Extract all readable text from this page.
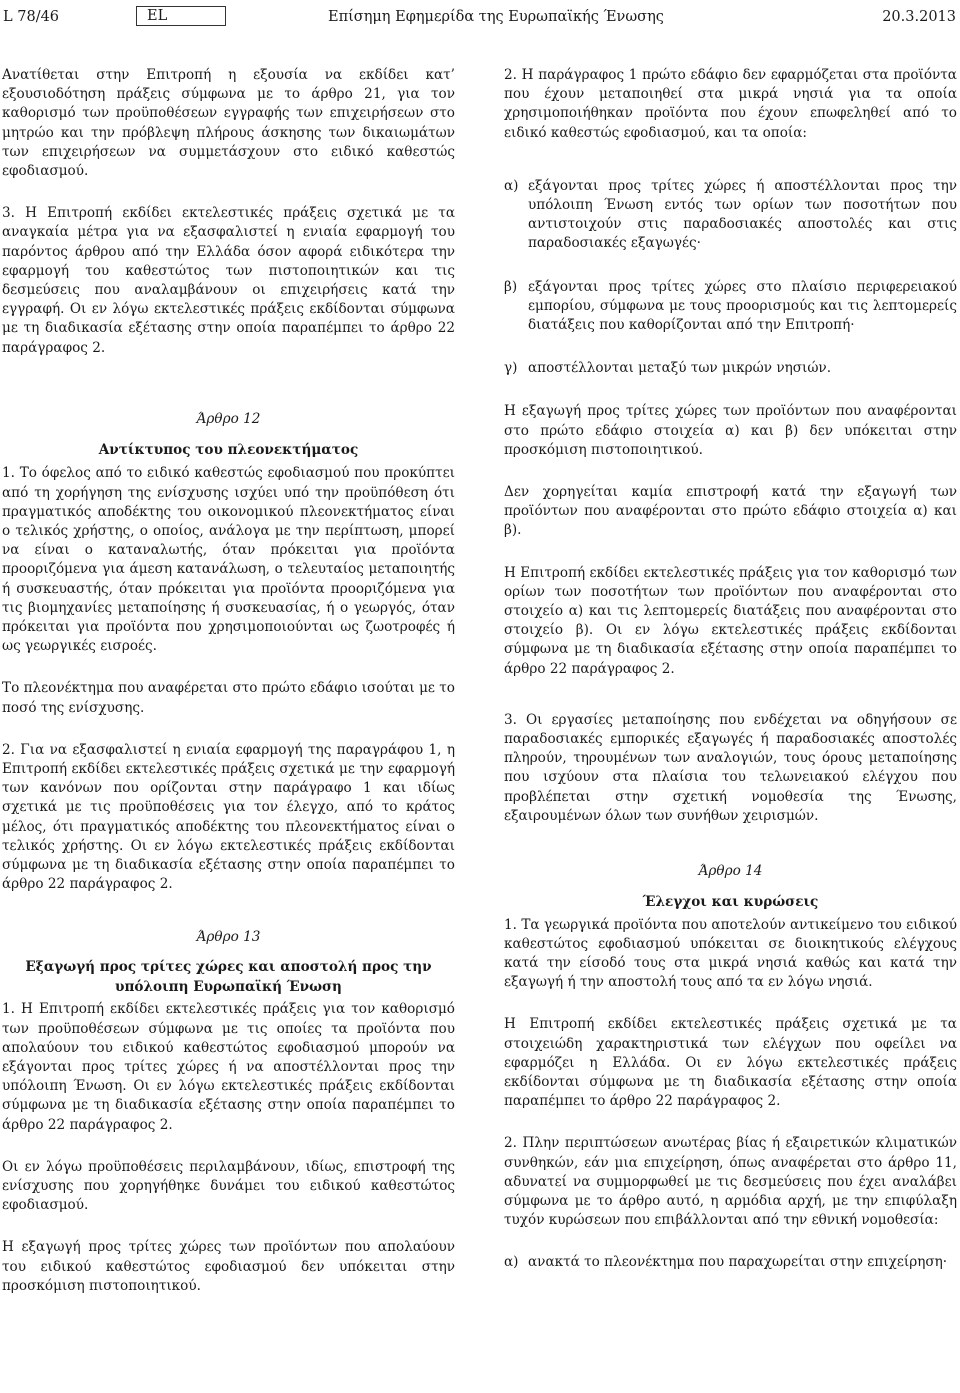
L 78/46	EL	Επίσημη Εφημερίδα της Ευρωπαϊκής Ένωσης	20.3.2013

Ανατίθεται στην Επιτροπή η εξουσία να εκδίδει κατ’ εξουσιοδότηση πράξεις σύμφωνα με το άρθρο 21, για τον καθορισμό των προϋποθέσεων εγγραφής των επιχειρήσεων στο μητρώο και την πρόβλεψη πλήρους άσκησης των δικαιωμάτων των επιχειρήσεων να συμμετάσχουν στο ειδικό καθεστώς εφοδιασμού.

3. Η Επιτροπή εκδίδει εκτελεστικές πράξεις σχετικά με τα αναγκαία μέτρα για να εξασφαλιστεί η ενιαία εφαρμογή του παρόντος άρθρου από την Ελλάδα όσον αφορά ειδικότερα την εφαρμογή του καθεστώτος των πιστοποιητικών και τις δεσμεύσεις που αναλαμβάνουν οι επιχειρήσεις κατά την εγγραφή. Οι εν λόγω εκτελεστικές πράξεις εκδίδονται σύμφωνα με τη διαδικασία εξέτασης στην οποία παραπέμπει το άρθρο 22 παράγραφος 2.

Άρθρο 12

Αντίκτυπος του πλεονεκτήματος

1. Το όφελος από το ειδικό καθεστώς εφοδιασμού που προκύπτει από τη χορήγηση της ενίσχυσης ισχύει υπό την προϋπόθεση ότι πραγματικός αποδέκτης του οικονομικού πλεονεκτήματος είναι ο τελικός χρήστης, ο οποίος, ανάλογα με την περίπτωση, μπορεί να είναι ο καταναλωτής, όταν πρόκειται για προϊόντα προοριζόμενα για άμεση κατανάλωση, ο τελευταίος μεταποιητής ή συσκευαστής, όταν πρόκειται για προϊόντα προοριζόμενα για τις βιομηχανίες μεταποίησης ή συσκευασίας, ή ο γεωργός, όταν πρόκειται για προϊόντα που χρησιμοποιούνται ως ζωοτροφές ή ως γεωργικές εισροές.

Το πλεονέκτημα που αναφέρεται στο πρώτο εδάφιο ισούται με το ποσό της ενίσχυσης.

2. Για να εξασφαλιστεί η ενιαία εφαρμογή της παραγράφου 1, η Επιτροπή εκδίδει εκτελεστικές πράξεις σχετικά με την εφαρμογή των κανόνων που ορίζονται στην παράγραφο 1 και ιδίως σχετικά με τις προϋποθέσεις για τον έλεγχο, από το κράτος μέλος, ότι πραγματικός αποδέκτης του πλεονεκτήματος είναι ο τελικός χρήστης. Οι εν λόγω εκτελεστικές πράξεις εκδίδονται σύμφωνα με τη διαδικασία εξέτασης στην οποία παραπέμπει το άρθρο 22 παράγραφος 2.

Άρθρο 13

Εξαγωγή προς τρίτες χώρες και αποστολή προς την υπόλοιπη Ευρωπαϊκή Ένωση

1. Η Επιτροπή εκδίδει εκτελεστικές πράξεις για τον καθορισμό των προϋποθέσεων σύμφωνα με τις οποίες τα προϊόντα που απολαύουν του ειδικού καθεστώτος εφοδιασμού μπορούν να εξάγονται προς τρίτες χώρες ή να αποστέλλονται προς την υπόλοιπη Ένωση. Οι εν λόγω εκτελεστικές πράξεις εκδίδονται σύμφωνα με τη διαδικασία εξέτασης στην οποία παραπέμπει το άρθρο 22 παράγραφος 2.

Οι εν λόγω προϋποθέσεις περιλαμβάνουν, ιδίως, επιστροφή της ενίσχυσης που χορηγήθηκε δυνάμει του ειδικού καθεστώτος εφοδιασμού.

Η εξαγωγή προς τρίτες χώρες των προϊόντων που απολαύουν του ειδικού καθεστώτος εφοδιασμού δεν υπόκειται στην προσκόμιση πιστοποιητικού.

2. Η παράγραφος 1 πρώτο εδάφιο δεν εφαρμόζεται στα προϊόντα που έχουν μεταποιηθεί στα μικρά νησιά για τα οποία χρησιμοποιήθηκαν προϊόντα που έχουν επωφεληθεί από το ειδικό καθεστώς εφοδιασμού, και τα οποία:

α) εξάγονται προς τρίτες χώρες ή αποστέλλονται προς την υπόλοιπη Ένωση εντός των ορίων των ποσοτήτων που αντιστοιχούν στις παραδοσιακές αποστολές και στις παραδοσιακές εξαγωγές·
β) εξάγονται προς τρίτες χώρες στο πλαίσιο περιφερειακού εμπορίου, σύμφωνα με τους προορισμούς και τις λεπτομερείς διατάξεις που καθορίζονται από την Επιτροπή·
γ) αποστέλλονται μεταξύ των μικρών νησιών.

Η εξαγωγή προς τρίτες χώρες των προϊόντων που αναφέρονται στο πρώτο εδάφιο στοιχεία α) και β) δεν υπόκειται στην προσκόμιση πιστοποιητικού.

Δεν χορηγείται καμία επιστροφή κατά την εξαγωγή των προϊόντων που αναφέρονται στο πρώτο εδάφιο στοιχεία α) και β).

Η Επιτροπή εκδίδει εκτελεστικές πράξεις για τον καθορισμό των ορίων των ποσοτήτων των προϊόντων που αναφέρονται στο στοιχείο α) και τις λεπτομερείς διατάξεις που αναφέρονται στο στοιχείο β). Οι εν λόγω εκτελεστικές πράξεις εκδίδονται σύμφωνα με τη διαδικασία εξέτασης στην οποία παραπέμπει το άρθρο 22 παράγραφος 2.

3. Οι εργασίες μεταποίησης που ενδέχεται να οδηγήσουν σε παραδοσιακές εμπορικές εξαγωγές ή παραδοσιακές αποστολές πληρούν, τηρουμένων των αναλογιών, τους όρους μεταποίησης που ισχύουν στα πλαίσια του τελωνειακού ελέγχου που προβλέπεται στην σχετική νομοθεσία της Ένωσης, εξαιρουμένων όλων των συνήθων χειρισμών.

Άρθρο 14

Έλεγχοι και κυρώσεις

1. Τα γεωργικά προϊόντα που αποτελούν αντικείμενο του ειδικού καθεστώτος εφοδιασμού υπόκειται σε διοικητικούς ελέγχους κατά την είσοδό τους στα μικρά νησιά καθώς και κατά την εξαγωγή ή την αποστολή τους από τα εν λόγω νησιά.

Η Επιτροπή εκδίδει εκτελεστικές πράξεις σχετικά με τα στοιχειώδη χαρακτηριστικά των ελέγχων που οφείλει να εφαρμόζει η Ελλάδα. Οι εν λόγω εκτελεστικές πράξεις εκδίδονται σύμφωνα με τη διαδικασία εξέτασης στην οποία παραπέμπει το άρθρο 22 παράγραφος 2.

2. Πλην περιπτώσεων ανωτέρας βίας ή εξαιρετικών κλιματικών συνθηκών, εάν μια επιχείρηση, όπως αναφέρεται στο άρθρο 11, αδυνατεί να συμμορφωθεί με τις δεσμεύσεις που έχει αναλάβει σύμφωνα με το άρθρο αυτό, η αρμόδια αρχή, με την επιφύλαξη τυχόν κυρώσεων που επιβάλλονται από την εθνική νομοθεσία:

α) ανακτά το πλεονέκτημα που παραχωρείται στην επιχείρηση·
